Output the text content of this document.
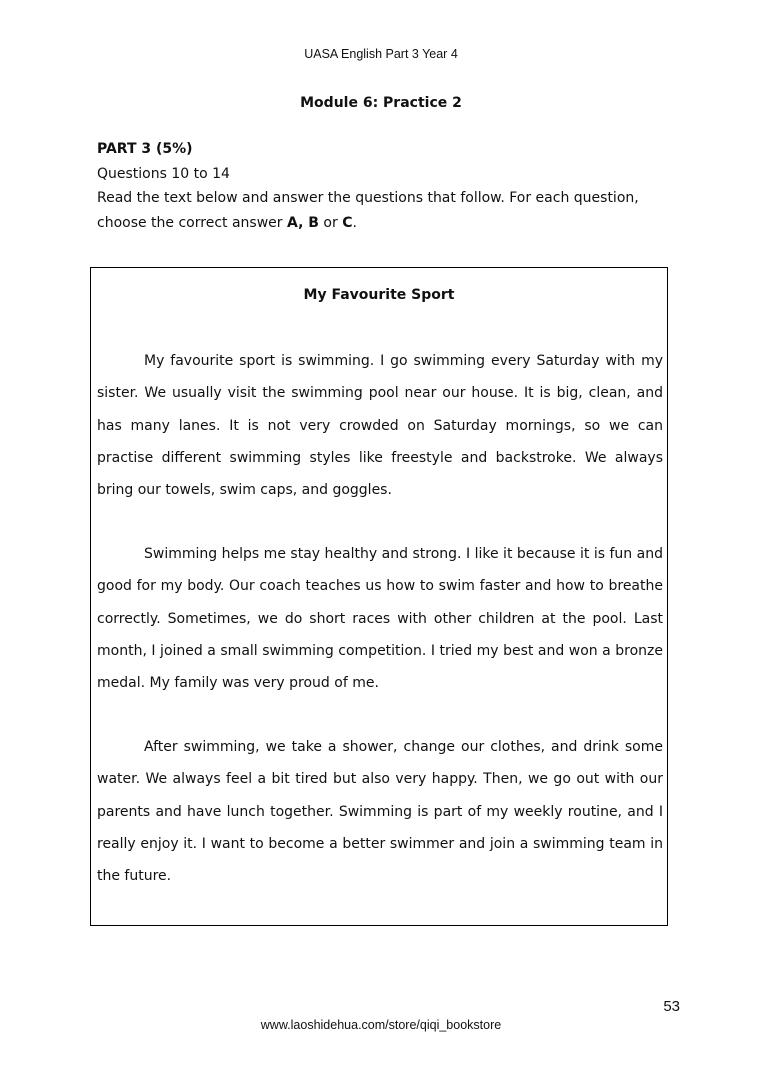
UASA English Part 3 Year 4
Module 6: Practice 2
PART 3 (5%)
Questions 10 to 14
Read the text below and answer the questions that follow. For each question, choose the correct answer A, B or C.
My Favourite Sport

My favourite sport is swimming. I go swimming every Saturday with my sister. We usually visit the swimming pool near our house. It is big, clean, and has many lanes. It is not very crowded on Saturday mornings, so we can practise different swimming styles like freestyle and backstroke. We always bring our towels, swim caps, and goggles.

Swimming helps me stay healthy and strong. I like it because it is fun and good for my body. Our coach teaches us how to swim faster and how to breathe correctly. Sometimes, we do short races with other children at the pool. Last month, I joined a small swimming competition. I tried my best and won a bronze medal. My family was very proud of me.

After swimming, we take a shower, change our clothes, and drink some water. We always feel a bit tired but also very happy. Then, we go out with our parents and have lunch together. Swimming is part of my weekly routine, and I really enjoy it. I want to become a better swimmer and join a swimming team in the future.

53
www.laoshidehua.com/store/qiqi_bookstore
